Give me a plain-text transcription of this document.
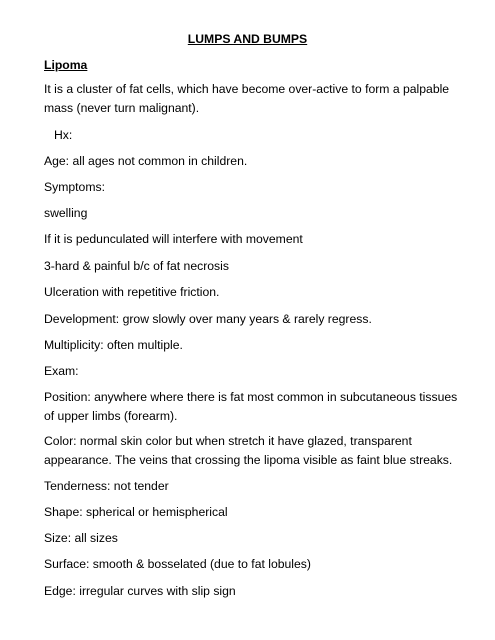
LUMPS AND BUMPS
Lipoma
It is a cluster of fat cells, which have become over-active to form a palpable mass (never turn malignant).
Hx:
Age: all ages not common in children.
Symptoms:
swelling
If it is pedunculated will interfere with movement
3-hard & painful b/c of fat necrosis
Ulceration with repetitive friction.
Development: grow slowly over many years & rarely regress.
Multiplicity: often multiple.
Exam:
Position: anywhere where there is fat most common in subcutaneous tissues of upper limbs (forearm).
Color: normal skin color but when stretch it have glazed, transparent appearance. The veins that crossing the lipoma visible as faint blue streaks.
Tenderness: not tender
Shape: spherical or hemispherical
Size: all sizes
Surface: smooth & bosselated (due to fat lobules)
Edge: irregular curves with slip sign
